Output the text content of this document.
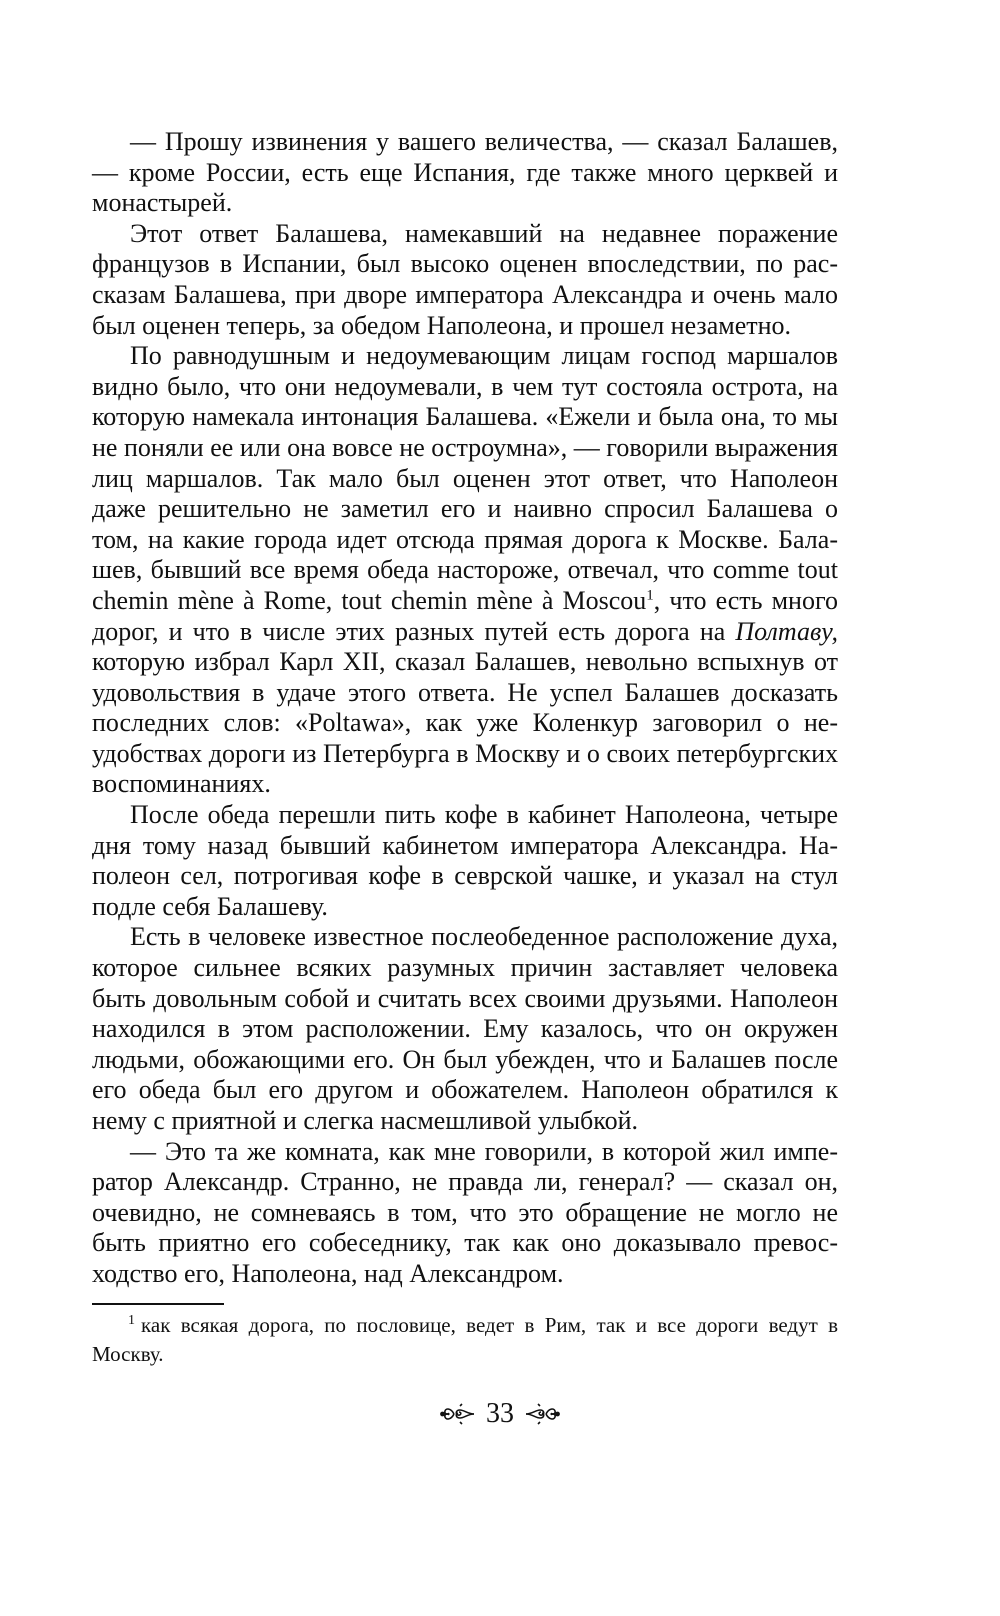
— Прошу извинения у вашего величества, — сказал Балашев, — кроме России, есть еще Испания, где также много церквей и монастырей.

Этот ответ Балашева, намекавший на недавнее поражение французов в Испании, был высоко оценен впоследствии, по рассказам Балашева, при дворе императора Александра и очень мало был оценен теперь, за обедом Наполеона, и прошел незаметно.

По равнодушным и недоумевающим лицам господ маршалов видно было, что они недоумевали, в чем тут состояла острота, на которую намекала интонация Балашева. «Ежели и была она, то мы не поняли ее или она вовсе не остроумна», — говорили выражения лиц маршалов. Так мало был оценен этот ответ, что Наполеон даже решительно не заметил его и наивно спросил Балашева о том, на какие города идет отсюда прямая дорога к Москве. Балашев, бывший все время обеда настороже, отвечал, что comme tout chemin mène à Rome, tout chemin mène à Moscou$^1$, что есть много дорог, и что в числе этих разных путей есть дорога на Полтаву, которую избрал Карл XII, сказал Балашев, невольно вспыхнув от удовольствия в удаче этого ответа. Не успел Балашев досказать последних слов: «Poltawa», как уже Коленкур заговорил о неудобствах дороги из Петербурга в Москву и о своих петербургских воспоминаниях.

После обеда перешли пить кофе в кабинет Наполеона, четыре дня тому назад бывший кабинетом императора Александра. Наполеон сел, потрогивая кофе в севрской чашке, и указал на стул подле себя Балашеву.

Есть в человеке известное послеобеденное расположение духа, которое сильнее всяких разумных причин заставляет человека быть довольным собой и считать всех своими друзьями. Наполеон находился в этом расположении. Ему казалось, что он окружен людьми, обожающими его. Он был убежден, что и Балашев после его обеда был его другом и обожателем. Наполеон обратился к нему с приятной и слегка насмешливой улыбкой.

— Это та же комната, как мне говорили, в которой жил император Александр. Странно, не правда ли, генерал? — сказал он, очевидно, не сомневаясь в том, что это обращение не могло не быть приятно его собеседнику, так как оно доказывало превосходство его, Наполеона, над Александром.

$^1$ как всякая дорога, по пословице, ведет в Рим, так и все дороги ведут в Москву.

33
